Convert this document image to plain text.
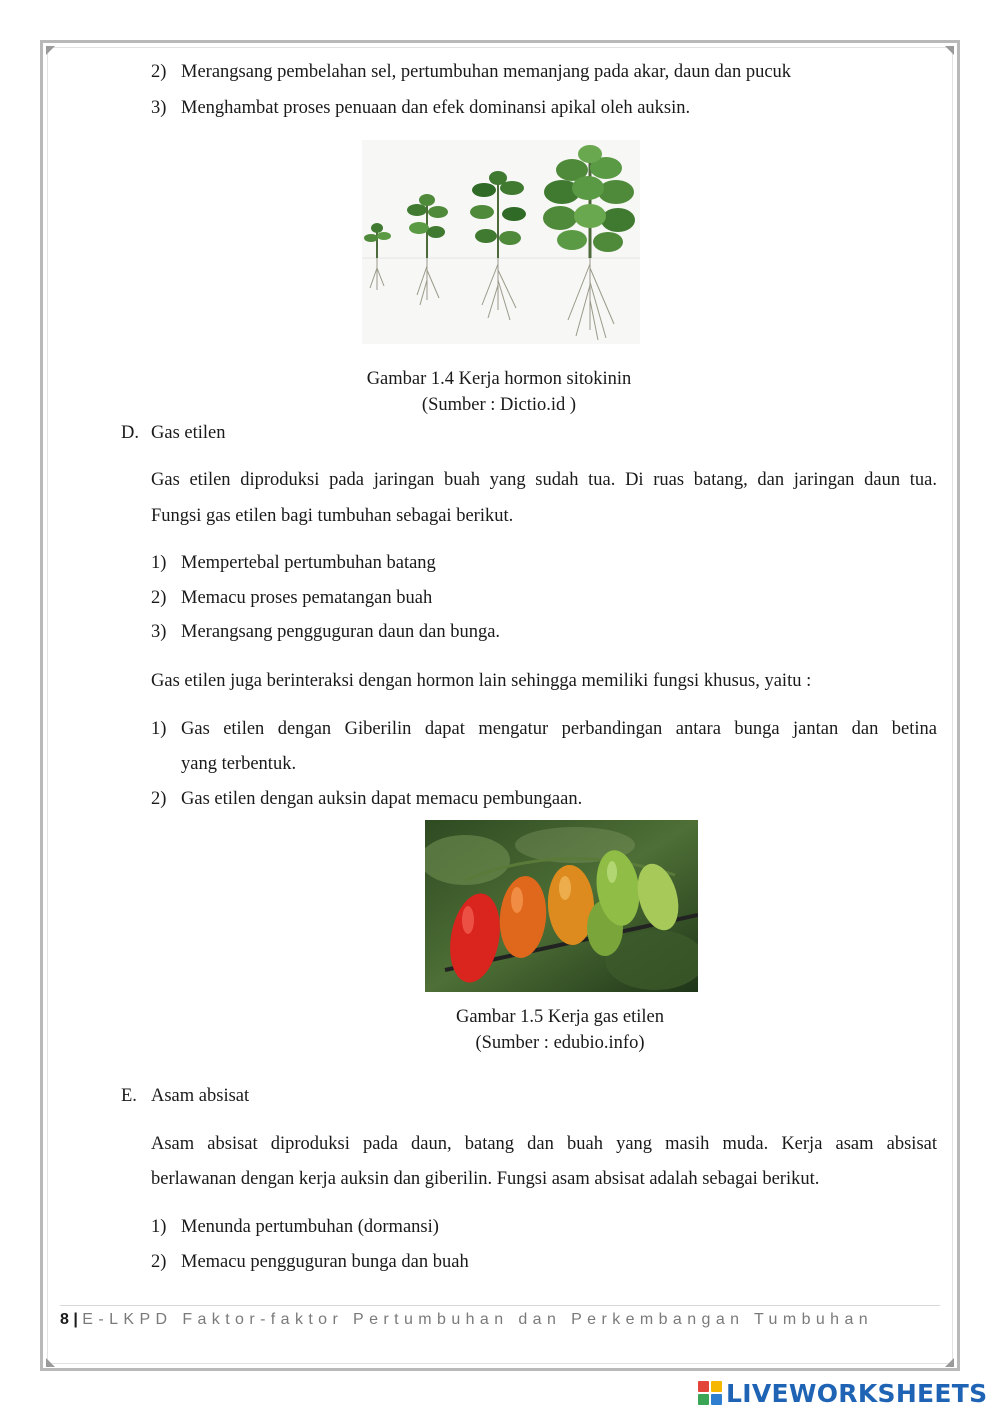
2) Merangsang pembelahan sel, pertumbuhan memanjang pada akar, daun dan pucuk
3) Menghambat proses penuaan dan efek dominansi apikal oleh auksin.
Gambar 1.4 Kerja hormon sitokinin
(Sumber : Dictio.id )
D. Gas etilen
Gas etilen diproduksi pada jaringan buah yang sudah tua. Di ruas batang, dan jaringan daun tua.
Fungsi gas etilen bagi tumbuhan sebagai berikut.
1) Mempertebal pertumbuhan batang
2) Memacu proses pematangan buah
3) Merangsang pengguguran daun dan bunga.
Gas etilen juga berinteraksi dengan hormon lain sehingga memiliki fungsi khusus, yaitu :
1) Gas etilen dengan Giberilin dapat mengatur perbandingan antara bunga jantan dan betina
yang terbentuk.
2) Gas etilen dengan auksin dapat memacu pembungaan.
Gambar 1.5 Kerja gas etilen
(Sumber : edubio.info)
E. Asam absisat
Asam absisat diproduksi pada daun, batang dan buah yang masih muda. Kerja asam absisat
berlawanan dengan kerja auksin dan giberilin. Fungsi asam absisat adalah sebagai berikut.
1) Menunda pertumbuhan (dormansi)
2) Memacu pengguguran bunga dan buah
8 | E-LKPD Faktor-faktor Pertumbuhan dan Perkembangan Tumbuhan
LIVEWORKSHEETS
